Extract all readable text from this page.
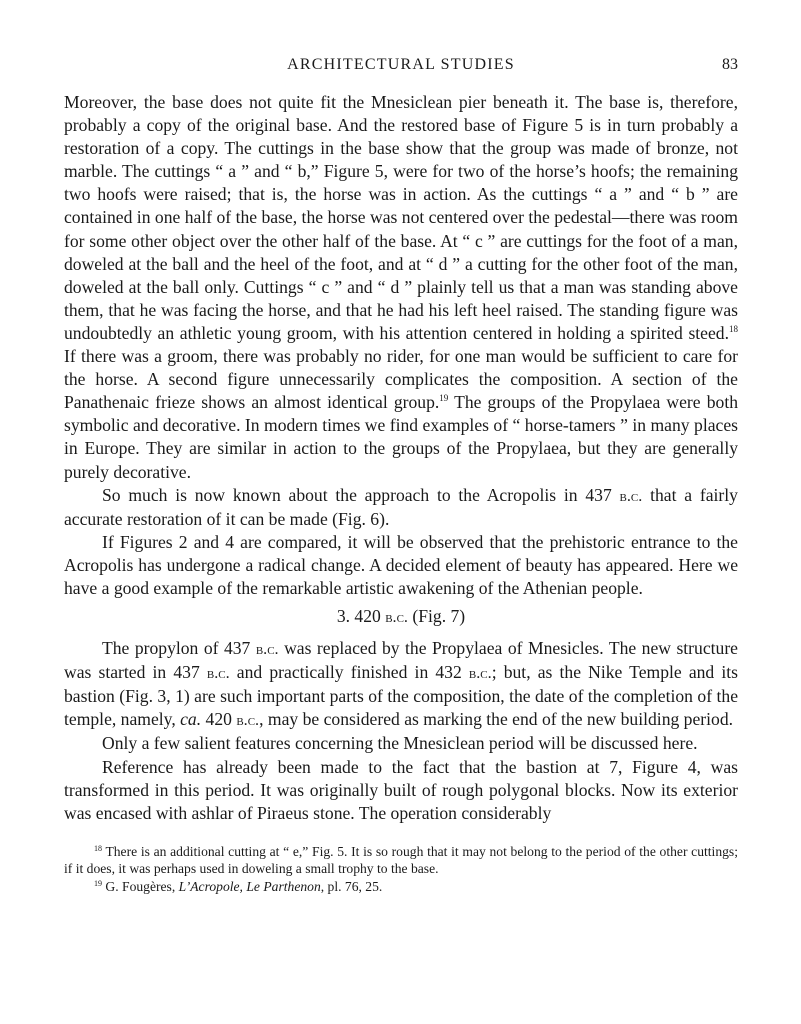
ARCHITECTURAL STUDIES	83

Moreover, the base does not quite fit the Mnesiclean pier beneath it. The base is, therefore, probably a copy of the original base. And the restored base of Figure 5 is in turn probably a restoration of a copy. The cuttings in the base show that the group was made of bronze, not marble. The cuttings “ a ” and “ b,” Figure 5, were for two of the horse’s hoofs; the remaining two hoofs were raised; that is, the horse was in action. As the cuttings “ a ” and “ b ” are contained in one half of the base, the horse was not centered over the pedestal—there was room for some other object over the other half of the base. At “ c ” are cuttings for the foot of a man, doweled at the ball and the heel of the foot, and at “ d ” a cutting for the other foot of the man, doweled at the ball only. Cuttings “ c ” and “ d ” plainly tell us that a man was standing above them, that he was facing the horse, and that he had his left heel raised. The standing figure was undoubtedly an athletic young groom, with his attention centered in holding a spirited steed.$^{18}$ If there was a groom, there was probably no rider, for one man would be sufficient to care for the horse. A second figure unnecessarily complicates the composition. A section of the Panathenaic frieze shows an almost identical group.$^{19}$ The groups of the Propylaea were both symbolic and decorative. In modern times we find examples of “ horse-tamers ” in many places in Europe. They are similar in action to the groups of the Propylaea, but they are generally purely decorative.

So much is now known about the approach to the Acropolis in 437 b.c. that a fairly accurate restoration of it can be made (Fig. 6).

If Figures 2 and 4 are compared, it will be observed that the prehistoric entrance to the Acropolis has undergone a radical change. A decided element of beauty has appeared. Here we have a good example of the remarkable artistic awakening of the Athenian people.

3. 420 b.c. (Fig. 7)

The propylon of 437 b.c. was replaced by the Propylaea of Mnesicles. The new structure was started in 437 b.c. and practically finished in 432 b.c.; but, as the Nike Temple and its bastion (Fig. 3, 1) are such important parts of the composition, the date of the completion of the temple, namely, ca. 420 b.c., may be considered as marking the end of the new building period.

Only a few salient features concerning the Mnesiclean period will be discussed here.

Reference has already been made to the fact that the bastion at 7, Figure 4, was transformed in this period. It was originally built of rough polygonal blocks. Now its exterior was encased with ashlar of Piraeus stone. The operation considerably

$^{18}$ There is an additional cutting at “ e,” Fig. 5. It is so rough that it may not belong to the period of the other cuttings; if it does, it was perhaps used in doweling a small trophy to the base.

$^{19}$ G. Fougères, L’Acropole, Le Parthenon, pl. 76, 25.
